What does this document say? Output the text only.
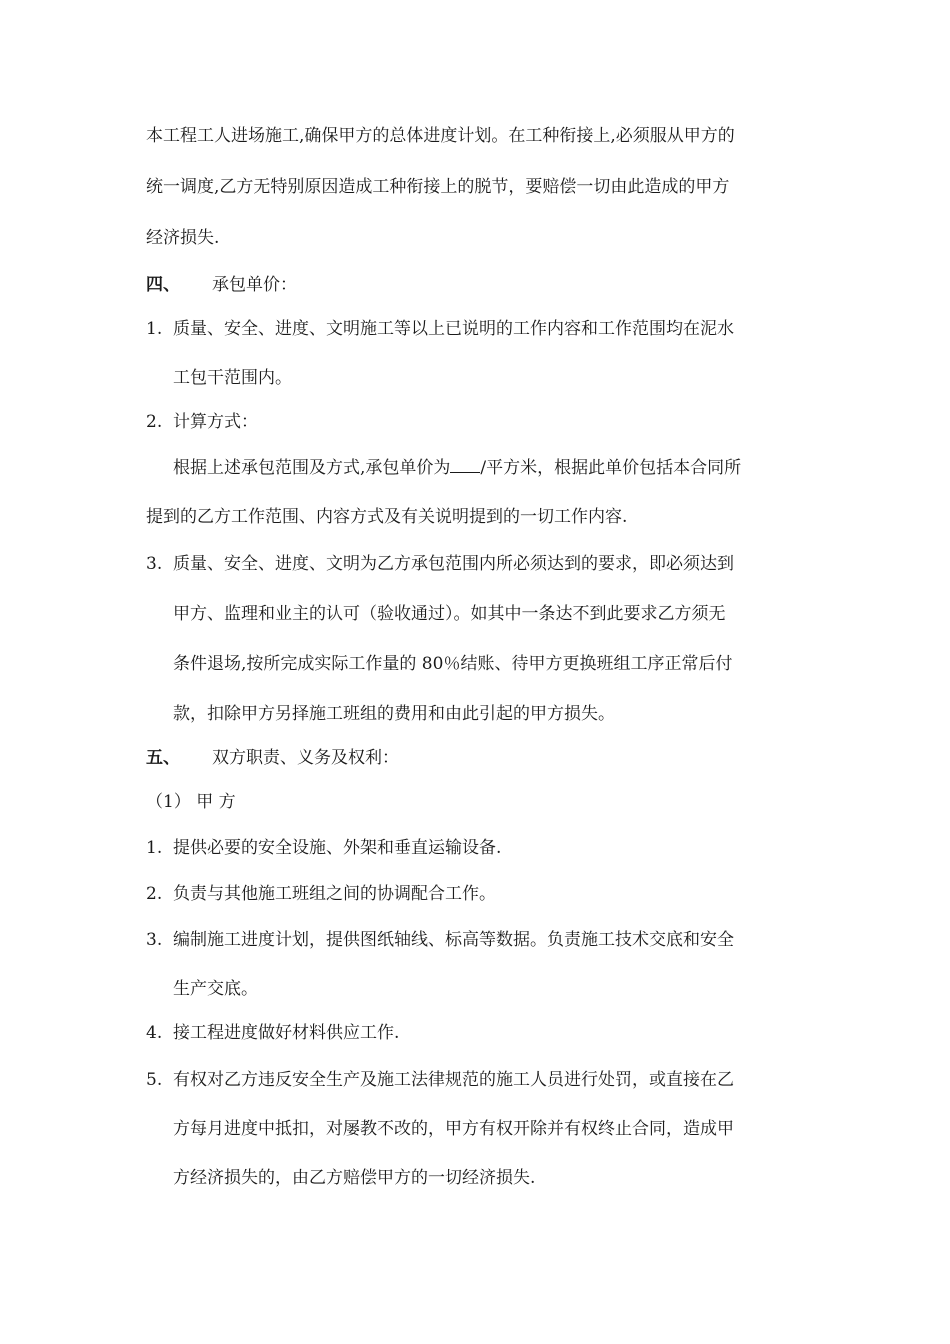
本工程工人进场施工,确保甲方的总体进度计划。在工种衔接上,必须服从甲方的
统一调度,乙方无特别原因造成工种衔接上的脱节，要赔偿一切由此造成的甲方
经济损失.
四、 承包单价：
1. 质量、安全、进度、文明施工等以上已说明的工作内容和工作范围均在泥水
工包干范围内。
2. 计算方式：
根据上述承包范围及方式,承包单价为 /平方米，根据此单价包括本合同所
提到的乙方工作范围、内容方式及有关说明提到的一切工作内容.
3. 质量、安全、进度、文明为乙方承包范围内所必须达到的要求，即必须达到
甲方、监理和业主的认可（验收通过）。如其中一条达不到此要求乙方须无
条件退场,按所完成实际工作量的 80％结账、待甲方更换班组工序正常后付
款，扣除甲方另择施工班组的费用和由此引起的甲方损失。
五、 双方职责、义务及权利：
（1） 甲 方
1. 提供必要的安全设施、外架和垂直运输设备.
2. 负责与其他施工班组之间的协调配合工作。
3. 编制施工进度计划，提供图纸轴线、标高等数据。负责施工技术交底和安全
生产交底。
4. 接工程进度做好材料供应工作.
5. 有权对乙方违反安全生产及施工法律规范的施工人员进行处罚，或直接在乙
方每月进度中抵扣，对屡教不改的，甲方有权开除并有权终止合同，造成甲
方经济损失的，由乙方赔偿甲方的一切经济损失.
